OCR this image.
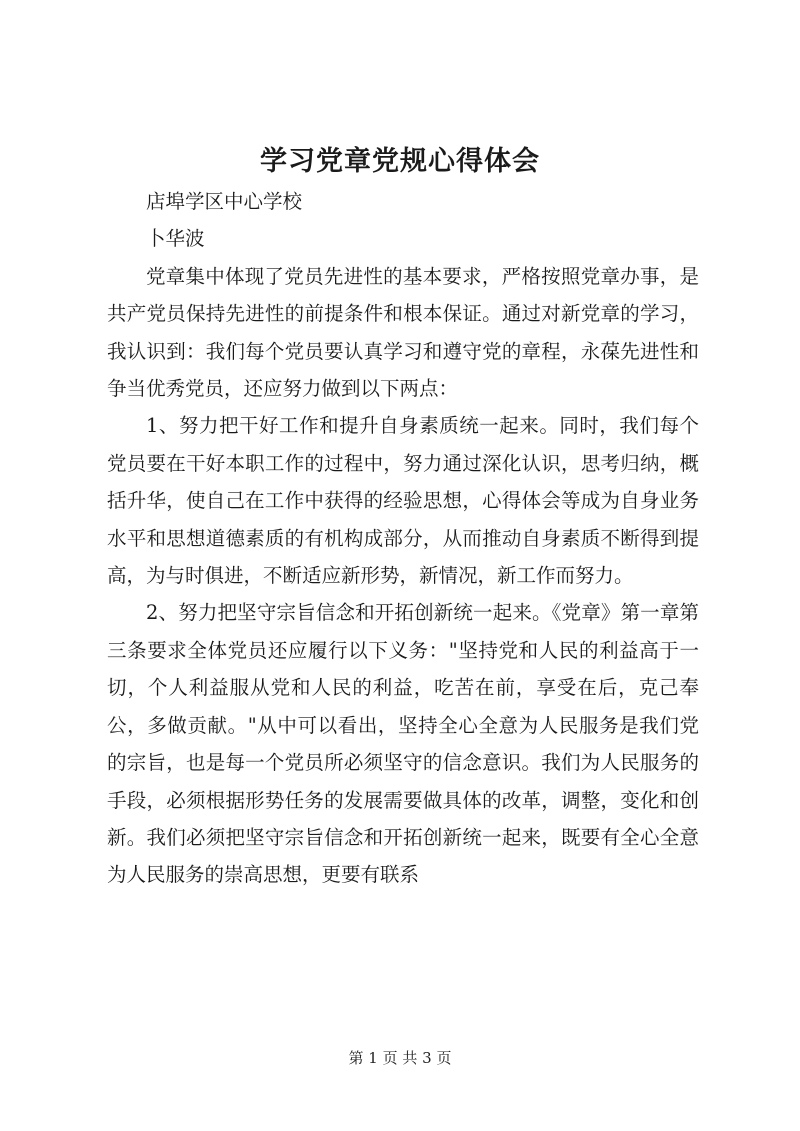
学习党章党规心得体会

店埠学区中心学校

卜华波

党章集中体现了党员先进性的基本要求，严格按照党章办事，是共产党员保持先进性的前提条件和根本保证。通过对新党章的学习，我认识到：我们每个党员要认真学习和遵守党的章程，永葆先进性和争当优秀党员，还应努力做到以下两点：

1、努力把干好工作和提升自身素质统一起来。同时，我们每个党员要在干好本职工作的过程中，努力通过深化认识，思考归纳，概括升华，使自己在工作中获得的经验思想，心得体会等成为自身业务水平和思想道德素质的有机构成部分，从而推动自身素质不断得到提高，为与时俱进，不断适应新形势，新情况，新工作而努力。

2、努力把坚守宗旨信念和开拓创新统一起来。《党章》第一章第三条要求全体党员还应履行以下义务："坚持党和人民的利益高于一切，个人利益服从党和人民的利益，吃苦在前，享受在后，克己奉公，多做贡献。"从中可以看出，坚持全心全意为人民服务是我们党的宗旨，也是每一个党员所必须坚守的信念意识。我们为人民服务的手段，必须根据形势任务的发展需要做具体的改革，调整，变化和创新。我们必须把坚守宗旨信念和开拓创新统一起来，既要有全心全意为人民服务的崇高思想，更要有联系

第 1 页 共 3 页
